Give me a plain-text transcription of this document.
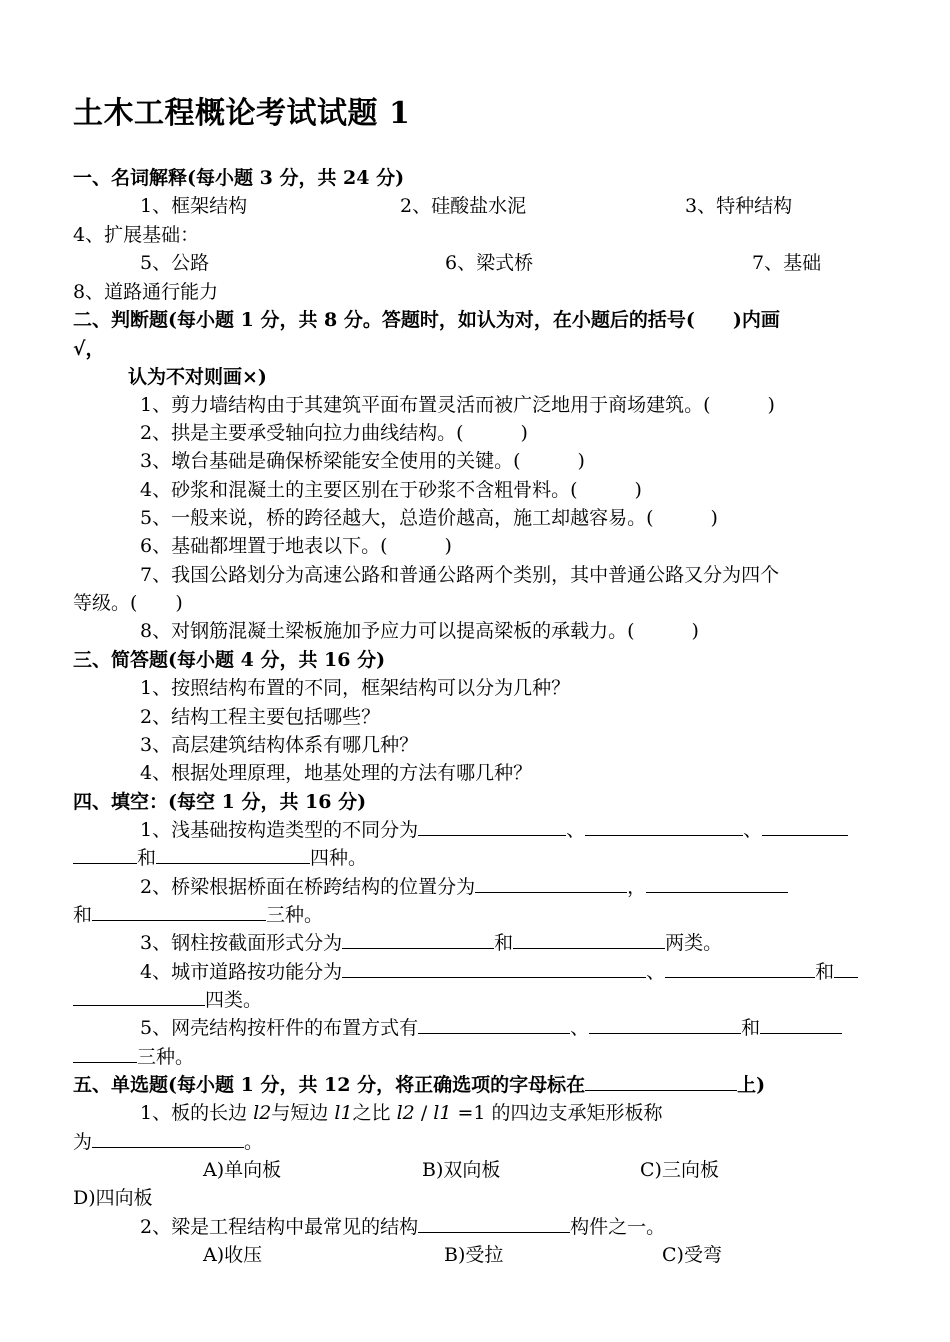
土木工程概论考试试题 1
一、名词解释(每小题 3 分，共 24 分)
1、框架结构	2、硅酸盐水泥	3、特种结构
4、扩展基础：
5、公路	6、梁式桥	7、基础
8、道路通行能力
二、判断题(每小题 1 分，共 8 分。答题时，如认为对，在小题后的括号( )内画
√，
认为不对则画×)
1、剪力墙结构由于其建筑平面布置灵活而被广泛地用于商场建筑。(　　　)
2、拱是主要承受轴向拉力曲线结构。(　　　)
3、墩台基础是确保桥梁能安全使用的关键。(　　　)
4、砂浆和混凝土的主要区别在于砂浆不含粗骨料。(　　　)
5、一般来说，桥的跨径越大，总造价越高，施工却越容易。(　　　)
6、基础都埋置于地表以下。(　　　)
7、我国公路划分为高速公路和普通公路两个类别，其中普通公路又分为四个
等级。(　　)
8、对钢筋混凝土梁板施加予应力可以提高梁板的承载力。(　　　)
三、简答题(每小题 4 分，共 16 分)
1、按照结构布置的不同，框架结构可以分为几种？
2、结构工程主要包括哪些？
3、高层建筑结构体系有哪几种？
4、根据处理原理，地基处理的方法有哪几种？
四、填空：(每空 1 分，共 16 分)
1、浅基础按构造类型的不同分为	、	、
和	四种。
2、桥梁根据桥面在桥跨结构的位置分为	，
和	三种。
3、钢柱按截面形式分为	和	两类。
4、城市道路按功能分为	、	和
四类。
5、网壳结构按杆件的布置方式有	、	和
三种。
五、单选题(每小题 1 分，共 12 分，将正确选项的字母标在	上)
1、板的长边 l2与短边 l1之比 l2 / l1 =1 的四边支承矩形板称
为	。
A)单向板	B)双向板	C)三向板
D)四向板
2、梁是工程结构中最常见的结构	构件之一。
A)收压	B)受拉	C)受弯
